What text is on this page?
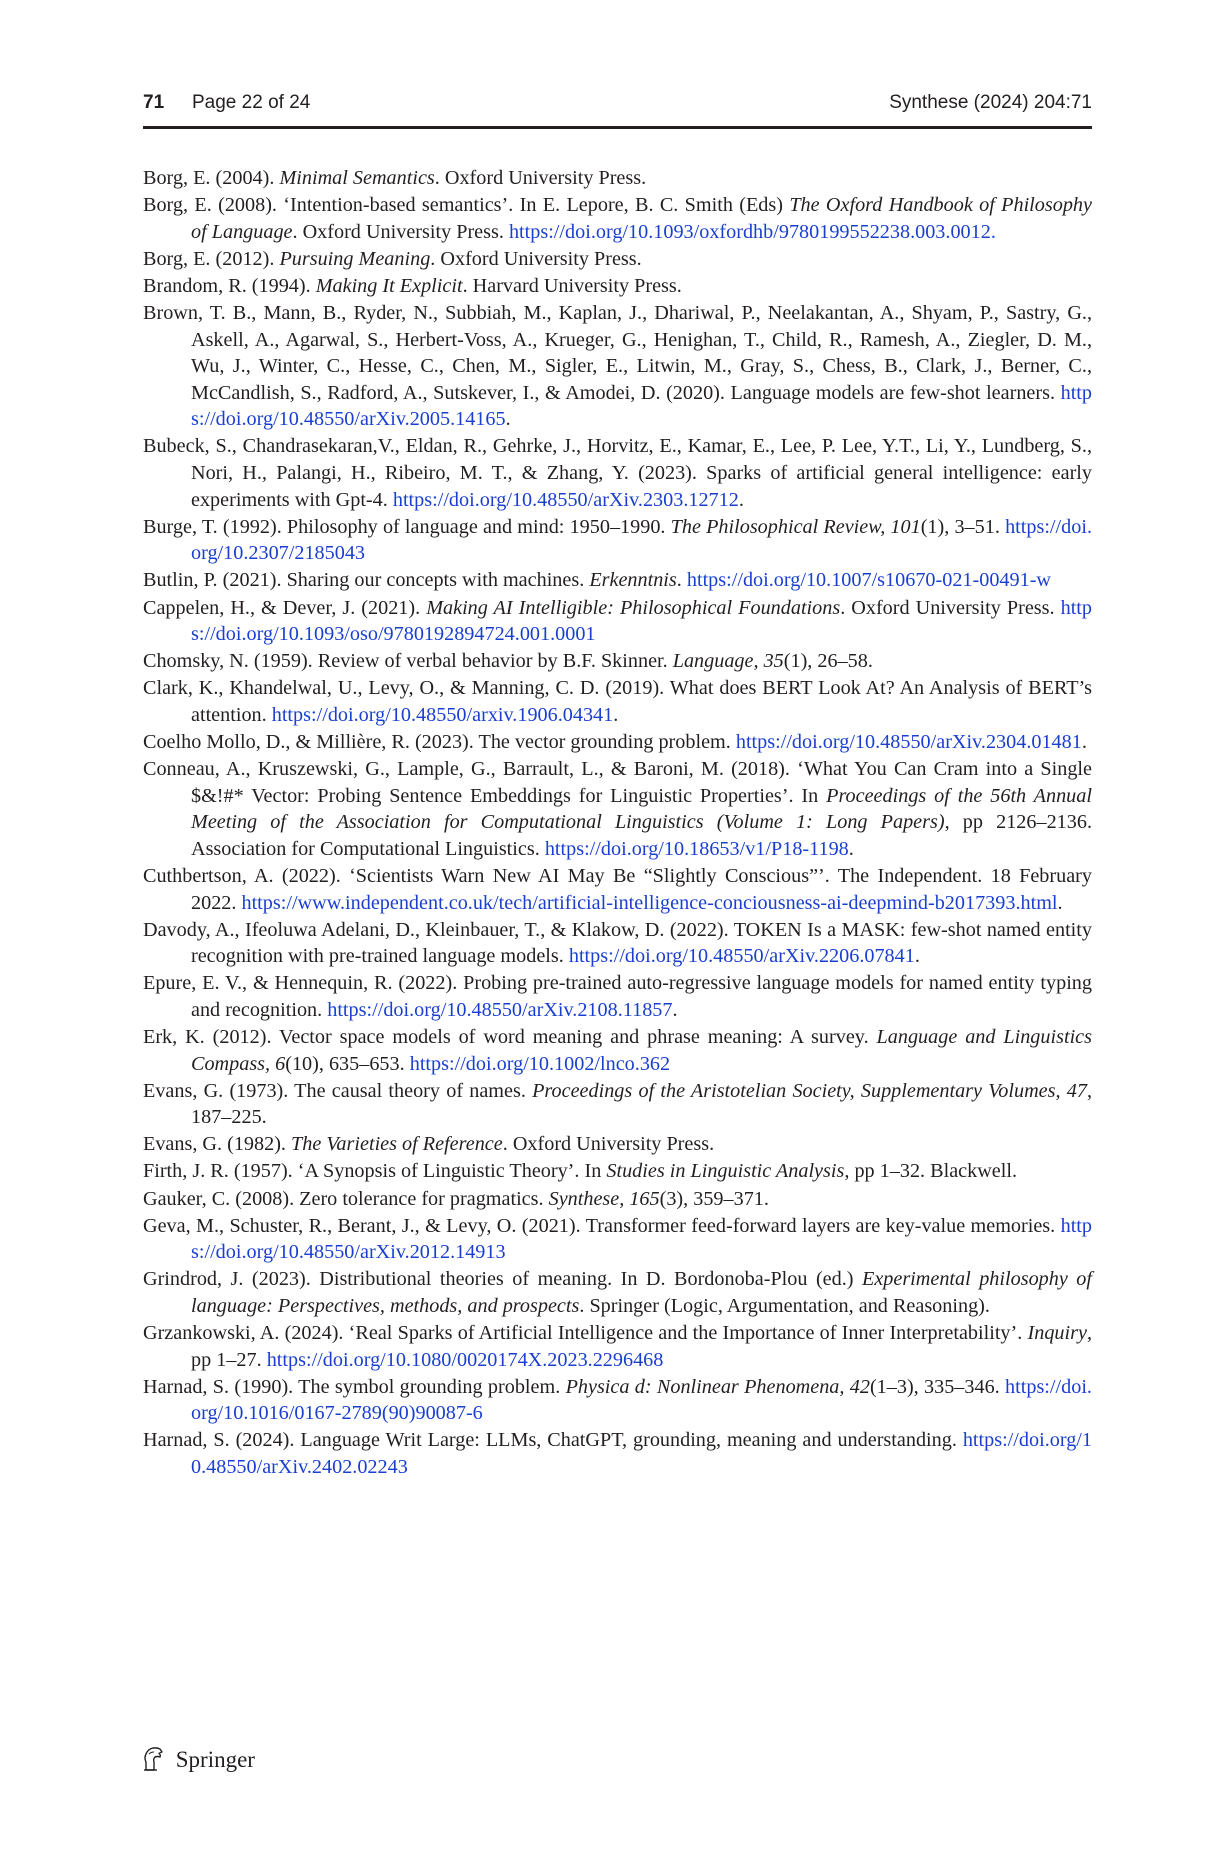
71 Page 22 of 24	Synthese (2024) 204:71
Borg, E. (2004). Minimal Semantics. Oxford University Press.
Borg, E. (2008). ‘Intention-based semantics’. In E. Lepore, B. C. Smith (Eds) The Oxford Handbook of Philosophy of Language. Oxford University Press. https://doi.org/10.1093/oxfordhb/9780199552238.003.0012.
Borg, E. (2012). Pursuing Meaning. Oxford University Press.
Brandom, R. (1994). Making It Explicit. Harvard University Press.
Brown, T. B., Mann, B., Ryder, N., Subbiah, M., Kaplan, J., Dhariwal, P., Neelakantan, A., Shyam, P., Sastry, G., Askell, A., Agarwal, S., Herbert-Voss, A., Krueger, G., Henighan, T., Child, R., Ramesh, A., Ziegler, D. M., Wu, J., Winter, C., Hesse, C., Chen, M., Sigler, E., Litwin, M., Gray, S., Chess, B., Clark, J., Berner, C., McCandlish, S., Radford, A., Sutskever, I., & Amodei, D. (2020). Language models are few-shot learners. https://doi.org/10.48550/arXiv.2005.14165.
Bubeck, S., Chandrasekaran,V., Eldan, R., Gehrke, J., Horvitz, E., Kamar, E., Lee, P. Lee, Y.T., Li, Y., Lundberg, S., Nori, H., Palangi, H., Ribeiro, M. T., & Zhang, Y. (2023). Sparks of artificial general intelligence: early experiments with Gpt-4. https://doi.org/10.48550/arXiv.2303.12712.
Burge, T. (1992). Philosophy of language and mind: 1950–1990. The Philosophical Review, 101(1), 3–51. https://doi.org/10.2307/2185043
Butlin, P. (2021). Sharing our concepts with machines. Erkenntnis. https://doi.org/10.1007/s10670-021-00491-w
Cappelen, H., & Dever, J. (2021). Making AI Intelligible: Philosophical Foundations. Oxford University Press. https://doi.org/10.1093/oso/9780192894724.001.0001
Chomsky, N. (1959). Review of verbal behavior by B.F. Skinner. Language, 35(1), 26–58.
Clark, K., Khandelwal, U., Levy, O., & Manning, C. D. (2019). What does BERT Look At? An Analysis of BERT’s attention. https://doi.org/10.48550/arxiv.1906.04341.
Coelho Mollo, D., & Millière, R. (2023). The vector grounding problem. https://doi.org/10.48550/arXiv.2304.01481.
Conneau, A., Kruszewski, G., Lample, G., Barrault, L., & Baroni, M. (2018). ‘What You Can Cram into a Single $&!#* Vector: Probing Sentence Embeddings for Linguistic Properties’. In Proceedings of the 56th Annual Meeting of the Association for Computational Linguistics (Volume 1: Long Papers), pp 2126–2136. Association for Computational Linguistics. https://doi.org/10.18653/v1/P18-1198.
Cuthbertson, A. (2022). ‘Scientists Warn New AI May Be “Slightly Conscious”’. The Independent. 18 February 2022. https://www.independent.co.uk/tech/artificial-intelligence-conciousness-ai-deepmind-b2017393.html.
Davody, A., Ifeoluwa Adelani, D., Kleinbauer, T., & Klakow, D. (2022). TOKEN Is a MASK: few-shot named entity recognition with pre-trained language models. https://doi.org/10.48550/arXiv.2206.07841.
Epure, E. V., & Hennequin, R. (2022). Probing pre-trained auto-regressive language models for named entity typing and recognition. https://doi.org/10.48550/arXiv.2108.11857.
Erk, K. (2012). Vector space models of word meaning and phrase meaning: A survey. Language and Linguistics Compass, 6(10), 635–653. https://doi.org/10.1002/lnco.362
Evans, G. (1973). The causal theory of names. Proceedings of the Aristotelian Society, Supplementary Volumes, 47, 187–225.
Evans, G. (1982). The Varieties of Reference. Oxford University Press.
Firth, J. R. (1957). ‘A Synopsis of Linguistic Theory’. In Studies in Linguistic Analysis, pp 1–32. Blackwell.
Gauker, C. (2008). Zero tolerance for pragmatics. Synthese, 165(3), 359–371.
Geva, M., Schuster, R., Berant, J., & Levy, O. (2021). Transformer feed-forward layers are key-value memories. https://doi.org/10.48550/arXiv.2012.14913
Grindrod, J. (2023). Distributional theories of meaning. In D. Bordonoba-Plou (ed.) Experimental philosophy of language: Perspectives, methods, and prospects. Springer (Logic, Argumentation, and Reasoning).
Grzankowski, A. (2024). ‘Real Sparks of Artificial Intelligence and the Importance of Inner Interpretability’. Inquiry, pp 1–27. https://doi.org/10.1080/0020174X.2023.2296468
Harnad, S. (1990). The symbol grounding problem. Physica d: Nonlinear Phenomena, 42(1–3), 335–346. https://doi.org/10.1016/0167-2789(90)90087-6
Harnad, S. (2024). Language Writ Large: LLMs, ChatGPT, grounding, meaning and understanding. https://doi.org/10.48550/arXiv.2402.02243
Springer
